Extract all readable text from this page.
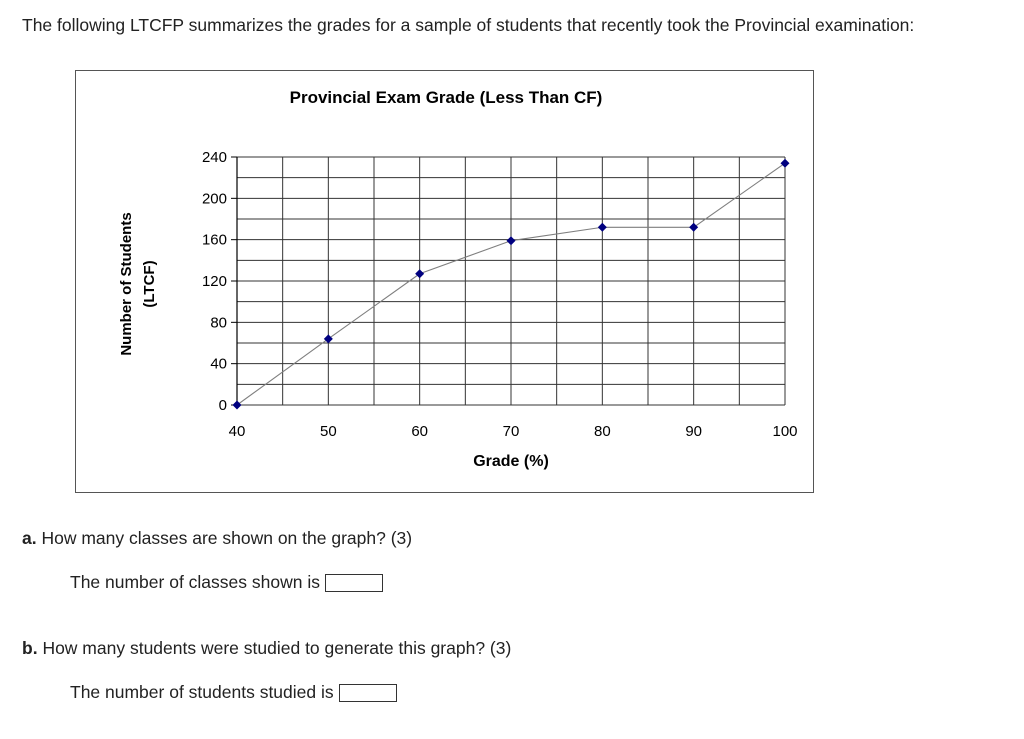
The following LTCFP summarizes the grades for a sample of students that recently took the Provincial examination:
0
40
80
120
160
200
240
40	50	60	70	80	90	100
Provincial Exam Grade (Less Than CF)
Grade (%)
Number of Students (LTCF)
a. How many classes are shown on the graph? (3)
The number of classes shown is
b. How many students were studied to generate this graph? (3)
The number of students studied is
